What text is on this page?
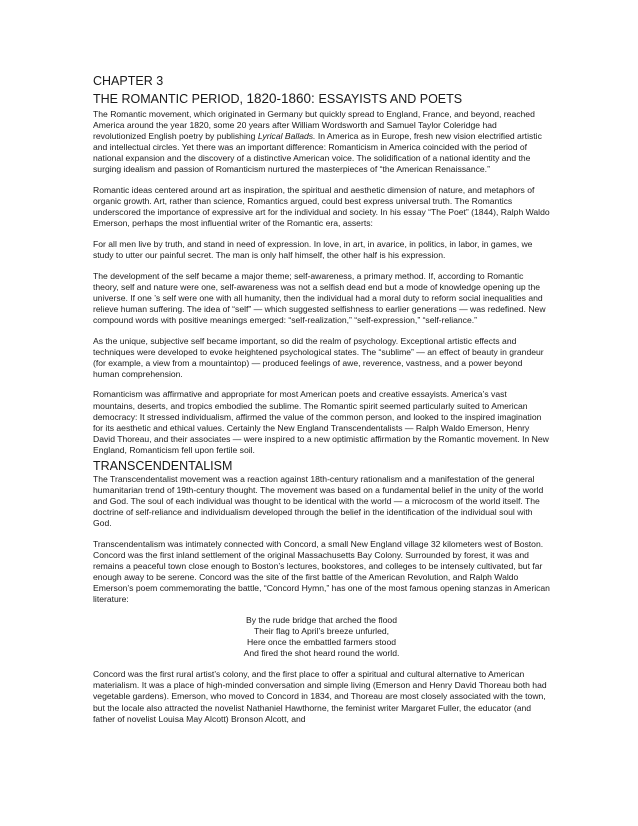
CHAPTER 3
THE ROMANTIC PERIOD, 1820-1860: ESSAYISTS AND POETS

The Romantic movement, which originated in Germany but quickly spread to England, France, and beyond, reached America around the year 1820, some 20 years after William Wordsworth and Samuel Taylor Coleridge had revolutionized English poetry by publishing Lyrical Ballads. In America as in Europe, fresh new vision electrified artistic and intellectual circles. Yet there was an important difference: Romanticism in America coincided with the period of national expansion and the discovery of a distinctive American voice. The solidification of a national identity and the surging idealism and passion of Romanticism nurtured the masterpieces of “the American Renaissance.”

Romantic ideas centered around art as inspiration, the spiritual and aesthetic dimension of nature, and metaphors of organic growth. Art, rather than science, Romantics argued, could best express universal truth. The Romantics underscored the importance of expressive art for the individual and society. In his essay “The Poet” (1844), Ralph Waldo Emerson, perhaps the most influential writer of the Romantic era, asserts:

For all men live by truth, and stand in need of expression. In love, in art, in avarice, in politics, in labor, in games, we study to utter our painful secret. The man is only half himself, the other half is his expression.

The development of the self became a major theme; self-awareness, a primary method. If, according to Romantic theory, self and nature were one, self-awareness was not a selfish dead end but a mode of knowledge opening up the universe. If one ’s self were one with all humanity, then the individual had a moral duty to reform social inequalities and relieve human suffering. The idea of “self” — which suggested selfishness to earlier generations — was redefined. New compound words with positive meanings emerged: “self-realization,” “self-expression,” “self-reliance.”

As the unique, subjective self became important, so did the realm of psychology. Exceptional artistic effects and techniques were developed to evoke heightened psychological states. The “sublime” — an effect of beauty in grandeur (for example, a view from a mountaintop) — produced feelings of awe, reverence, vastness, and a power beyond human comprehension.

Romanticism was affirmative and appropriate for most American poets and creative essayists. America’s vast mountains, deserts, and tropics embodied the sublime. The Romantic spirit seemed particularly suited to American democracy: It stressed individualism, affirmed the value of the common person, and looked to the inspired imagination for its aesthetic and ethical values. Certainly the New England Transcendentalists — Ralph Waldo Emerson, Henry David Thoreau, and their associates — were inspired to a new optimistic affirmation by the Romantic movement. In New England, Romanticism fell upon fertile soil.

TRANSCENDENTALISM

The Transcendentalist movement was a reaction against 18th-century rationalism and a manifestation of the general humanitarian trend of 19th-century thought. The movement was based on a fundamental belief in the unity of the world and God. The soul of each individual was thought to be identical with the world — a microcosm of the world itself. The doctrine of self-reliance and individualism developed through the belief in the identification of the individual soul with God.

Transcendentalism was intimately connected with Concord, a small New England village 32 kilometers west of Boston. Concord was the first inland settlement of the original Massachusetts Bay Colony. Surrounded by forest, it was and remains a peaceful town close enough to Boston’s lectures, bookstores, and colleges to be intensely cultivated, but far enough away to be serene. Concord was the site of the first battle of the American Revolution, and Ralph Waldo Emerson’s poem commemorating the battle, “Concord Hymn,” has one of the most famous opening stanzas in American literature:

By the rude bridge that arched the flood
Their flag to April’s breeze unfurled,
Here once the embattled farmers stood
And fired the shot heard round the world.

Concord was the first rural artist’s colony, and the first place to offer a spiritual and cultural alternative to American materialism. It was a place of high-minded conversation and simple living (Emerson and Henry David Thoreau both had vegetable gardens). Emerson, who moved to Concord in 1834, and Thoreau are most closely associated with the town, but the locale also attracted the novelist Nathaniel Hawthorne, the feminist writer Margaret Fuller, the educator (and father of novelist Louisa May Alcott) Bronson Alcott, and
